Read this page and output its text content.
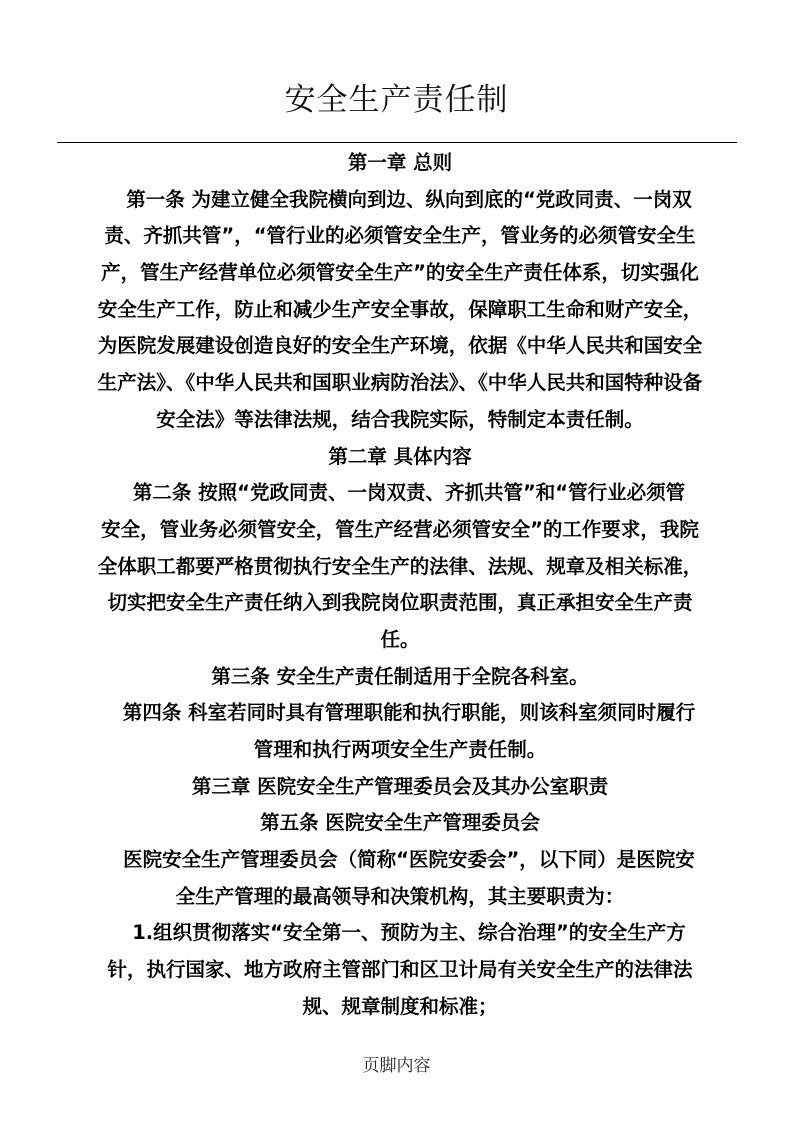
安全生产责任制
第一章 总则
第一条 为建立健全我院横向到边、纵向到底的“党政同责、一岗双
责、齐抓共管”，“管行业的必须管安全生产，管业务的必须管安全生
产，管生产经营单位必须管安全生产”的安全生产责任体系，切实强化
安全生产工作，防止和减少生产安全事故，保障职工生命和财产安全，
为医院发展建设创造良好的安全生产环境，依据《中华人民共和国安全
生产法》、《中华人民共和国职业病防治法》、《中华人民共和国特种设备
安全法》等法律法规，结合我院实际，特制定本责任制。
第二章 具体内容
第二条 按照“党政同责、一岗双责、齐抓共管”和“管行业必须管
安全，管业务必须管安全，管生产经营必须管安全”的工作要求，我院
全体职工都要严格贯彻执行安全生产的法律、法规、规章及相关标准，
切实把安全生产责任纳入到我院岗位职责范围，真正承担安全生产责
任。
第三条 安全生产责任制适用于全院各科室。
第四条 科室若同时具有管理职能和执行职能，则该科室须同时履行
管理和执行两项安全生产责任制。
第三章 医院安全生产管理委员会及其办公室职责
第五条 医院安全生产管理委员会
医院安全生产管理委员会（简称“医院安委会”，以下同）是医院安
全生产管理的最高领导和决策机构，其主要职责为：
1.组织贯彻落实“安全第一、预防为主、综合治理”的安全生产方
针，执行国家、地方政府主管部门和区卫计局有关安全生产的法律法
规、规章制度和标准；
页脚内容
